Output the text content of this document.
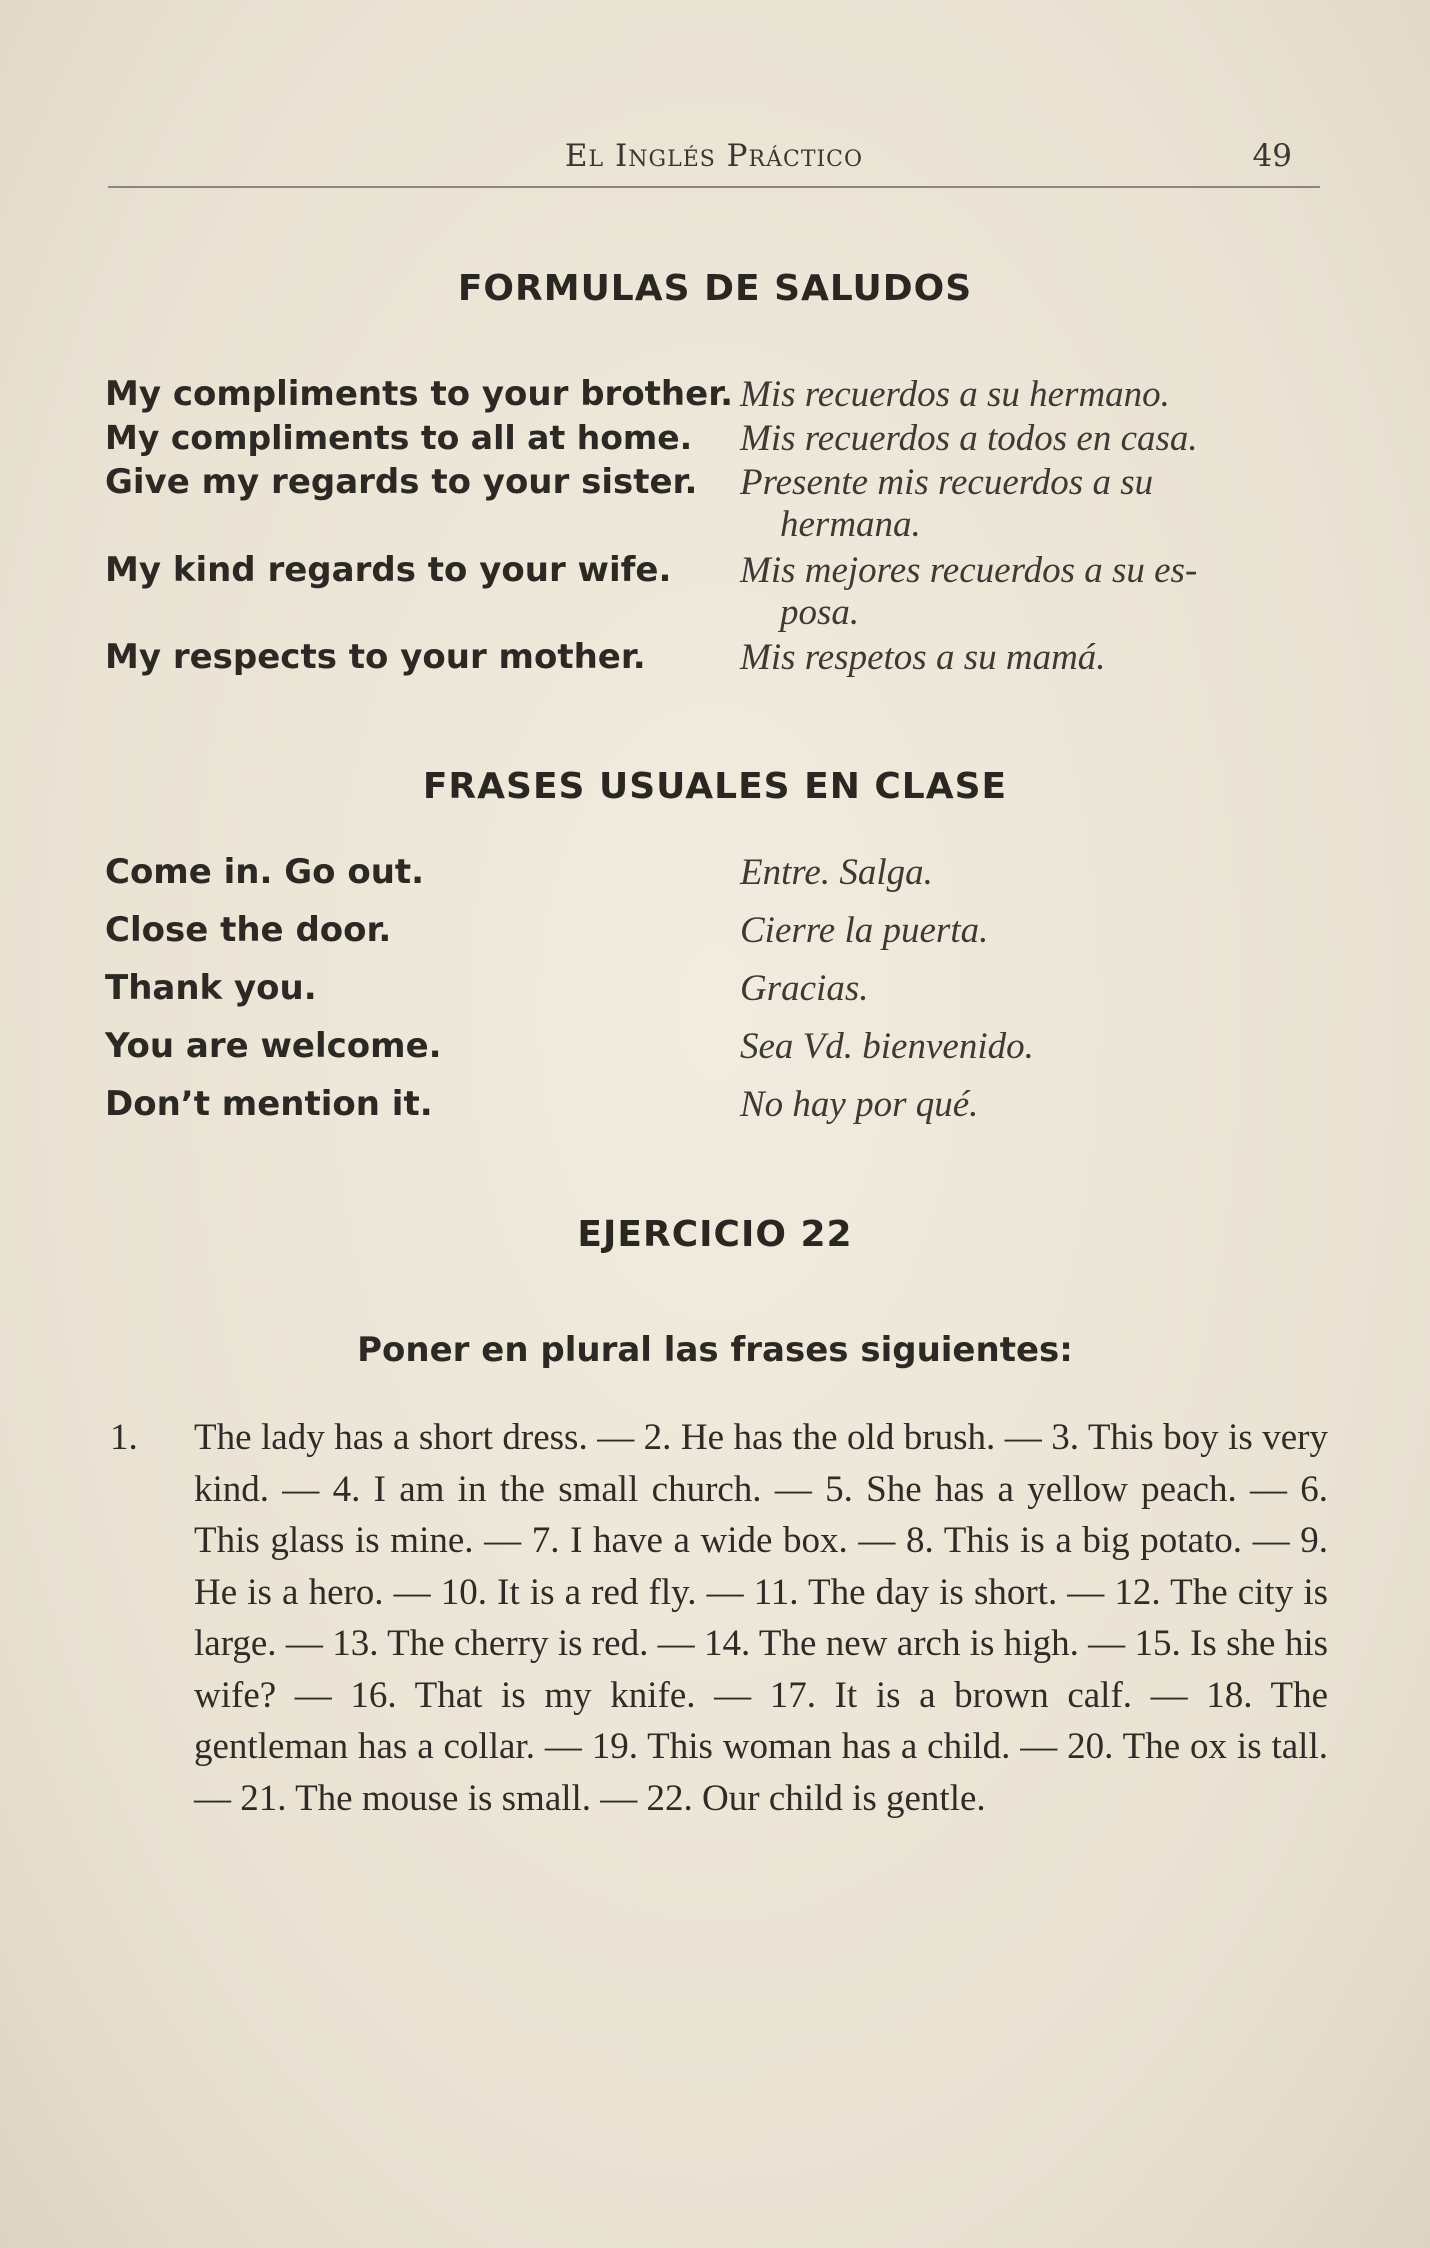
El Inglés Práctico	49
FORMULAS DE SALUDOS
My compliments to your brother. Mis recuerdos a su hermano.
My compliments to all at home. Mis recuerdos a todos en casa.
Give my regards to your sister. Presente mis recuerdos a su
hermana.
My kind regards to your wife. Mis mejores recuerdos a su es-
posa.
My respects to your mother.	Mis respetos a su mamá.
FRASES USUALES EN CLASE
Come in. Go out.	Entre. Salga.
Close the door.	Cierre la puerta.
Thank you.	Gracias.
You are welcome.	Sea Vd. bienvenido.
Don’t mention it.	No hay por qué.
EJERCICIO 22
Poner en plural las frases siguientes:
1. The lady has a short dress. — 2. He has the old brush. — 3. This boy is very kind. — 4. I am in the small church. — 5. She has a yellow peach. — 6. This glass is mine. — 7. I have a wide box. — 8. This is a big potato. — 9. He is a hero. — 10. It is a red fly. — 11. The day is short. — 12. The city is large. — 13. The cherry is red. — 14. The new arch is high. — 15. Is she his wife? — 16. That is my knife. — 17. It is a brown calf. — 18. The gentleman has a collar. — 19. This woman has a child. — 20. The ox is tall. — 21. The mouse is small. — 22. Our child is gentle.
